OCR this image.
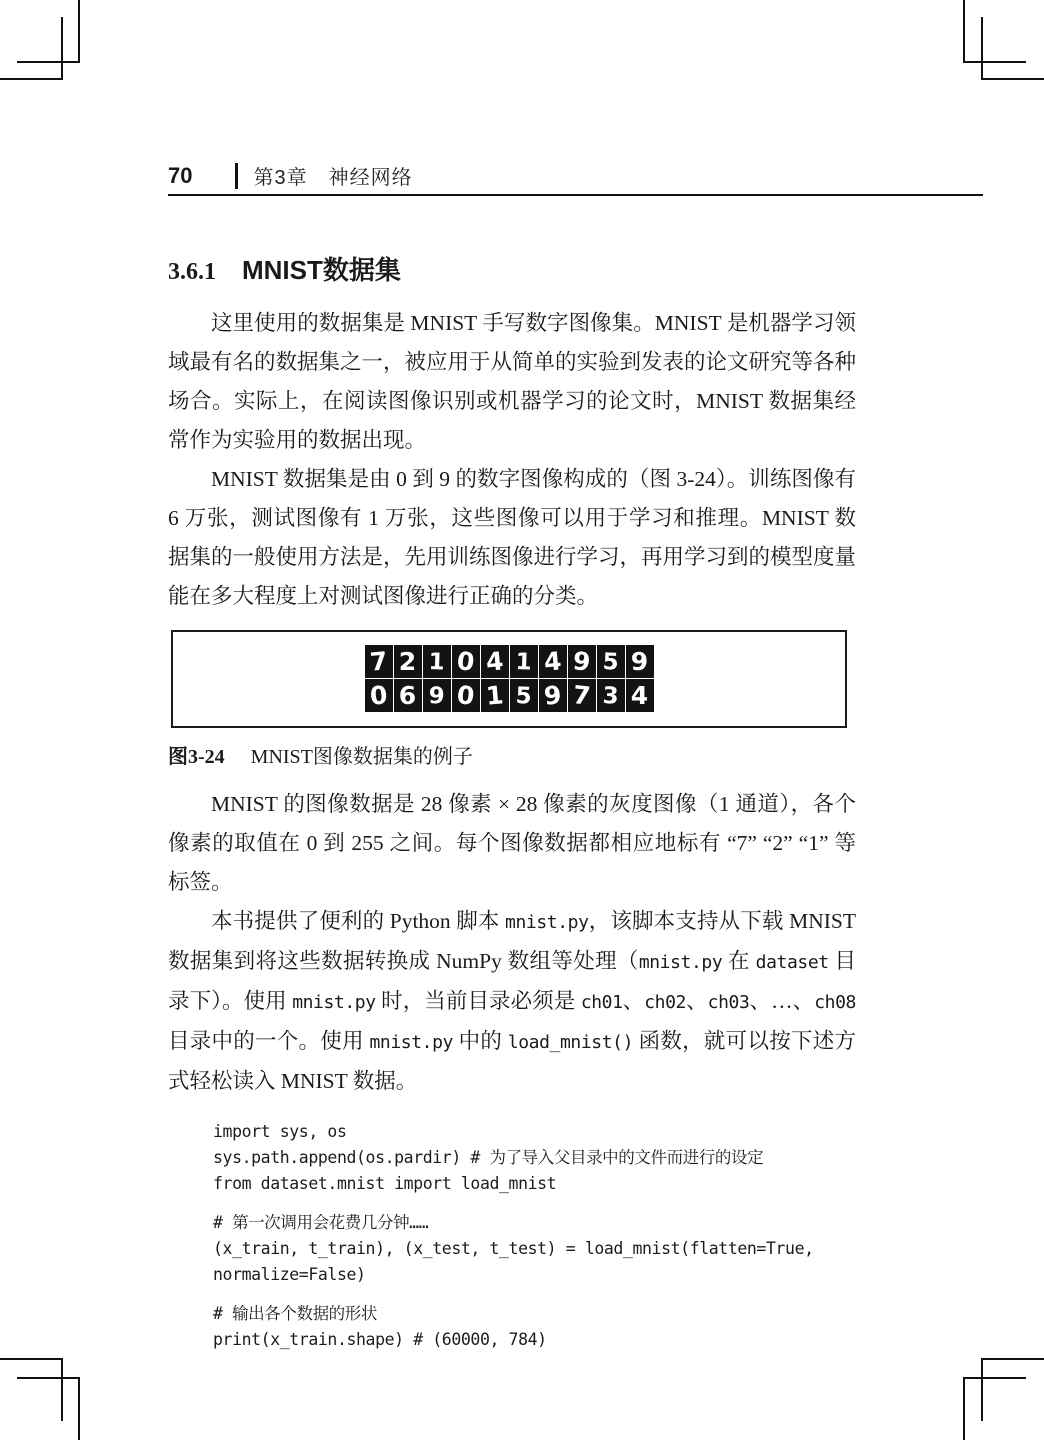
70	第3章　神经网络
3.6.1 MNIST数据集

这里使用的数据集是 MNIST 手写数字图像集。MNIST 是机器学习领域最有名的数据集之一，被应用于从简单的实验到发表的论文研究等各种场合。实际上，在阅读图像识别或机器学习的论文时，MNIST 数据集经常作为实验用的数据出现。

MNIST 数据集是由 0 到 9 的数字图像构成的（图 3-24）。训练图像有 6 万张，测试图像有 1 万张，这些图像可以用于学习和推理。MNIST 数据集的一般使用方法是，先用训练图像进行学习，再用学习到的模型度量能在多大程度上对测试图像进行正确的分类。

7 2 1 0 4 1 4 9 5 9
0 6 9 0 1 5 9 7 3 4
图3-24 MNIST图像数据集的例子

MNIST 的图像数据是 28 像素 × 28 像素的灰度图像（1 通道），各个像素的取值在 0 到 255 之间。每个图像数据都相应地标有 “7” “2” “1” 等标签。

本书提供了便利的 Python 脚本 mnist.py，该脚本支持从下载 MNIST 数据集到将这些数据转换成 NumPy 数组等处理（mnist.py 在 dataset 目录下）。使用 mnist.py 时，当前目录必须是 ch01、ch02、ch03、…、ch08 目录中的一个。使用 mnist.py 中的 load_mnist() 函数，就可以按下述方式轻松读入 MNIST 数据。

import sys, os
sys.path.append(os.pardir) # 为了导入父目录中的文件而进行的设定
from dataset.mnist import load_mnist
# 第一次调用会花费几分钟……
(x_train, t_train), (x_test, t_test) = load_mnist(flatten=True,
normalize=False)
# 输出各个数据的形状
print(x_train.shape) # (60000, 784)
